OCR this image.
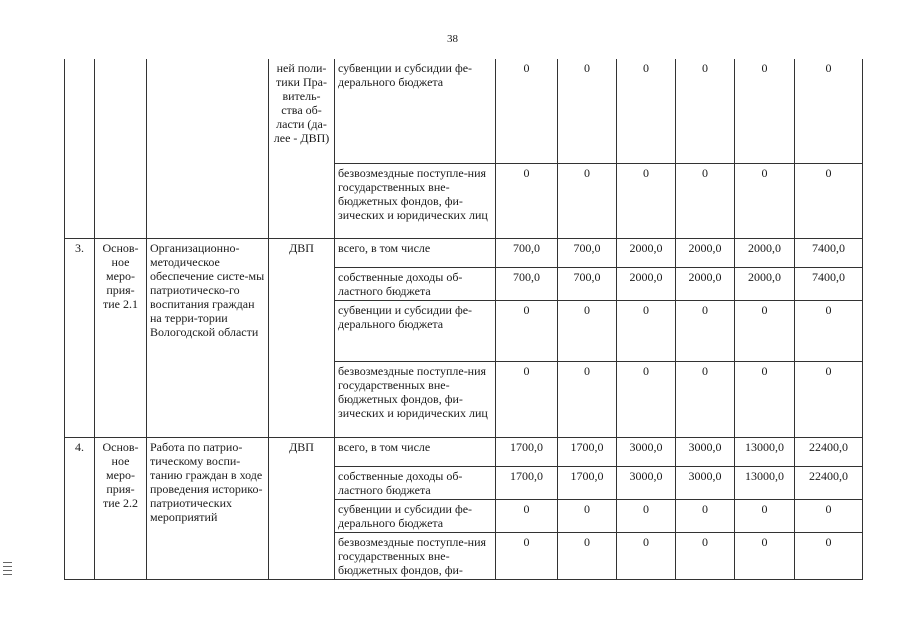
38
			ней поли-тики Пра-витель-ства об-ласти (да-лее - ДВП)	субвенции и субсидии фе-дерального бюджета	0	0	0	0	0	0
				безвозмездные поступле-ния государственных вне-бюджетных фондов, фи-зических и юридических лиц	0	0	0	0	0	0
3.	Основ-ное меро-прия-тие 2.1	Организационно-методическое обеспечение систе-мы патриотическо-го воспитания граждан на терри-тории Вологодской области	ДВП	всего, в том числе	700,0	700,0	2000,0	2000,0	2000,0	7400,0
				собственные доходы об-ластного бюджета	700,0	700,0	2000,0	2000,0	2000,0	7400,0
				субвенции и субсидии фе-дерального бюджета	0	0	0	0	0	0
				безвозмездные поступле-ния государственных вне-бюджетных фондов, фи-зических и юридических лиц	0	0	0	0	0	0
4.	Основ-ное меро-прия-тие 2.2	Работа по патрио-тическому воспи-танию граждан в ходе проведения историко-патриотических мероприятий	ДВП	всего, в том числе	1700,0	1700,0	3000,0	3000,0	13000,0	22400,0
				собственные доходы об-ластного бюджета	1700,0	1700,0	3000,0	3000,0	13000,0	22400,0
				субвенции и субсидии фе-дерального бюджета	0	0	0	0	0	0
				безвозмездные поступле-ния государственных вне-бюджетных фондов, фи-	0	0	0	0	0	0
